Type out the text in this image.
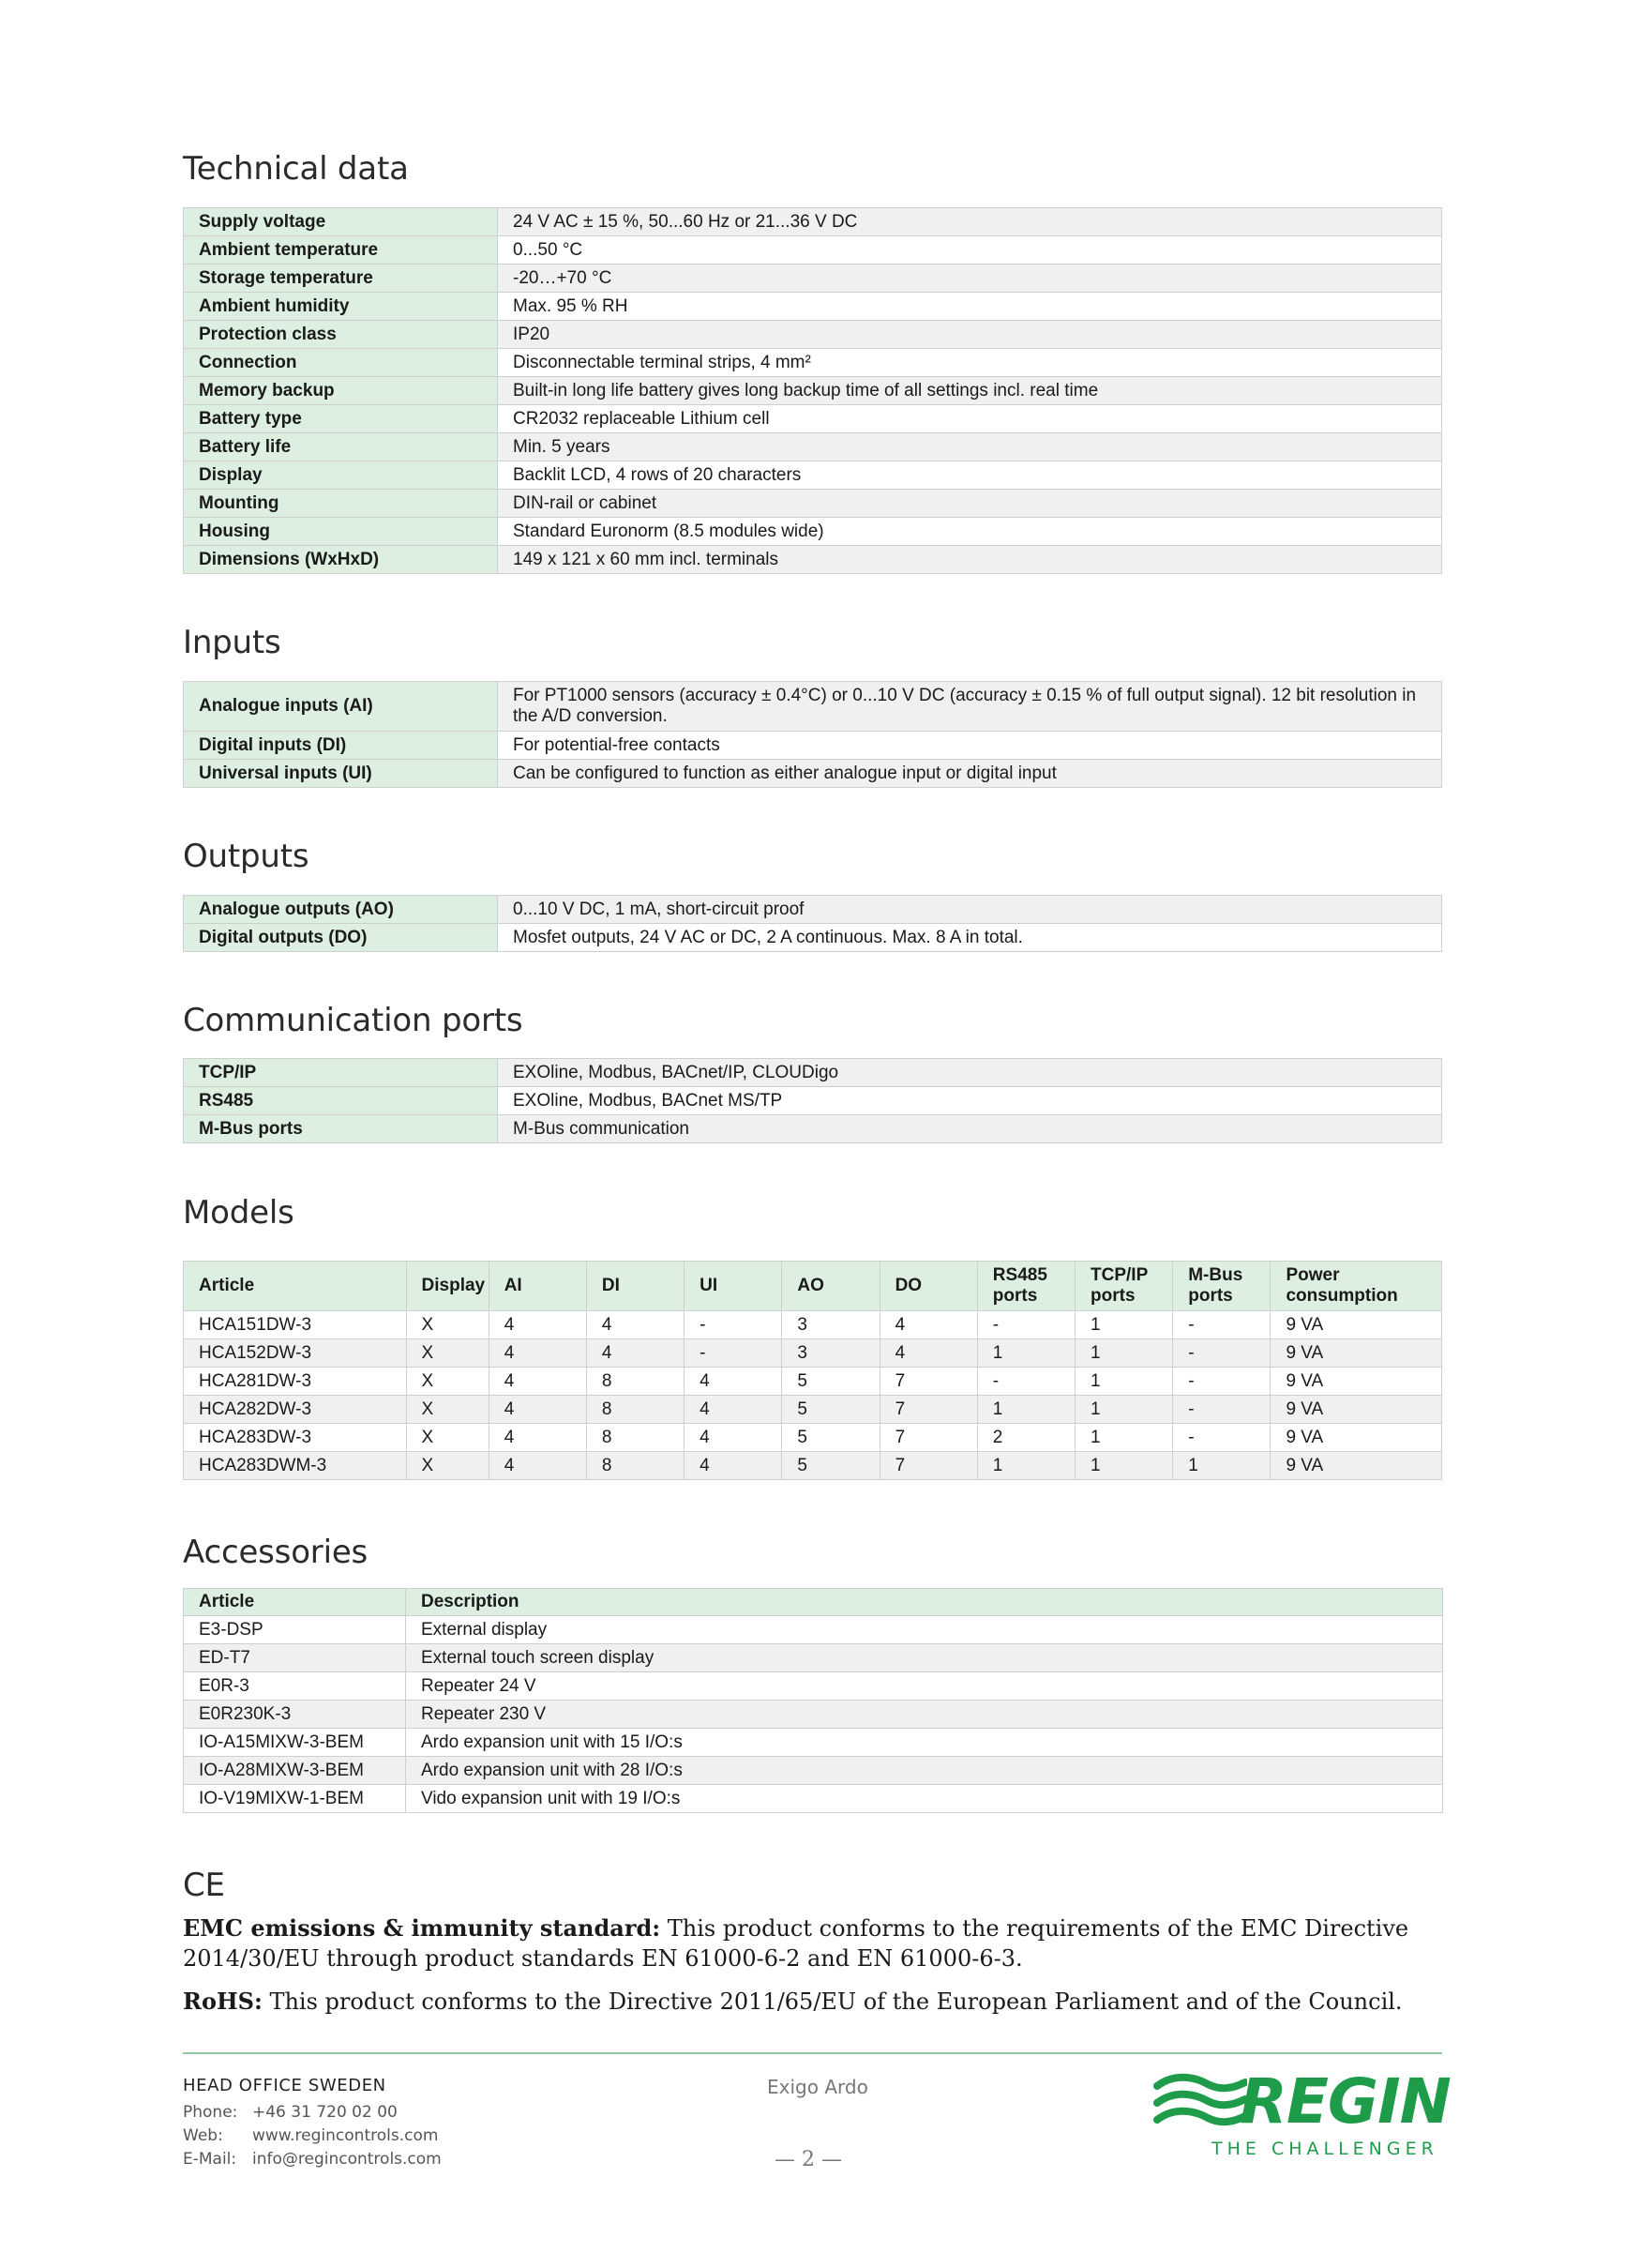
Technical data
Supply voltage	24 V AC ± 15 %, 50...60 Hz or 21...36 V DC
Ambient temperature	0...50 °C
Storage temperature	-20…+70 °C
Ambient humidity	Max. 95 % RH
Protection class	IP20
Connection	Disconnectable terminal strips, 4 mm²
Memory backup	Built-in long life battery gives long backup time of all settings incl. real time
Battery type	CR2032 replaceable Lithium cell
Battery life	Min. 5 years
Display	Backlit LCD, 4 rows of 20 characters
Mounting	DIN-rail or cabinet
Housing	Standard Euronorm (8.5 modules wide)
Dimensions (WxHxD)	149 x 121 x 60 mm incl. terminals
Inputs
Analogue inputs (AI)	For PT1000 sensors (accuracy ± 0.4°C) or 0...10 V DC (accuracy ± 0.15 % of full output signal). 12 bit resolution in the A/D conversion.
Digital inputs (DI)	For potential-free contacts
Universal inputs (UI)	Can be configured to function as either analogue input or digital input
Outputs
Analogue outputs (AO)	0...10 V DC, 1 mA, short-circuit proof
Digital outputs (DO)	Mosfet outputs, 24 V AC or DC, 2 A continuous. Max. 8 A in total.
Communication ports
TCP/IP	EXOline, Modbus, BACnet/IP, CLOUDigo
RS485	EXOline, Modbus, BACnet MS/TP
M-Bus ports	M-Bus communication
Models
Article	Display	AI	DI	UI	AO	DO	RS485 ports	TCP/IP ports	M-Bus ports	Power consumption
HCA151DW-3	X	4	4	-	3	4	-	1	-	9 VA
HCA152DW-3	X	4	4	-	3	4	1	1	-	9 VA
HCA281DW-3	X	4	8	4	5	7	-	1	-	9 VA
HCA282DW-3	X	4	8	4	5	7	1	1	-	9 VA
HCA283DW-3	X	4	8	4	5	7	2	1	-	9 VA
HCA283DWM-3	X	4	8	4	5	7	1	1	1	9 VA
Accessories
Article	Description
E3-DSP	External display
ED-T7	External touch screen display
E0R-3	Repeater 24 V
E0R230K-3	Repeater 230 V
IO-A15MIXW-3-BEM	Ardo expansion unit with 15 I/O:s
IO-A28MIXW-3-BEM	Ardo expansion unit with 28 I/O:s
IO-V19MIXW-1-BEM	Vido expansion unit with 19 I/O:s
CE
EMC emissions & immunity standard: This product conforms to the requirements of the EMC Directive 2014/30/EU through product standards EN 61000-6-2 and EN 61000-6-3.
RoHS: This product conforms to the Directive 2011/65/EU of the European Parliament and of the Council.
HEAD OFFICE SWEDEN
Phone: +46 31 720 02 00
Web: www.regincontrols.com
E-Mail: info@regincontrols.com
Exigo Ardo
— 2 —
REGIN
THE CHALLENGER
